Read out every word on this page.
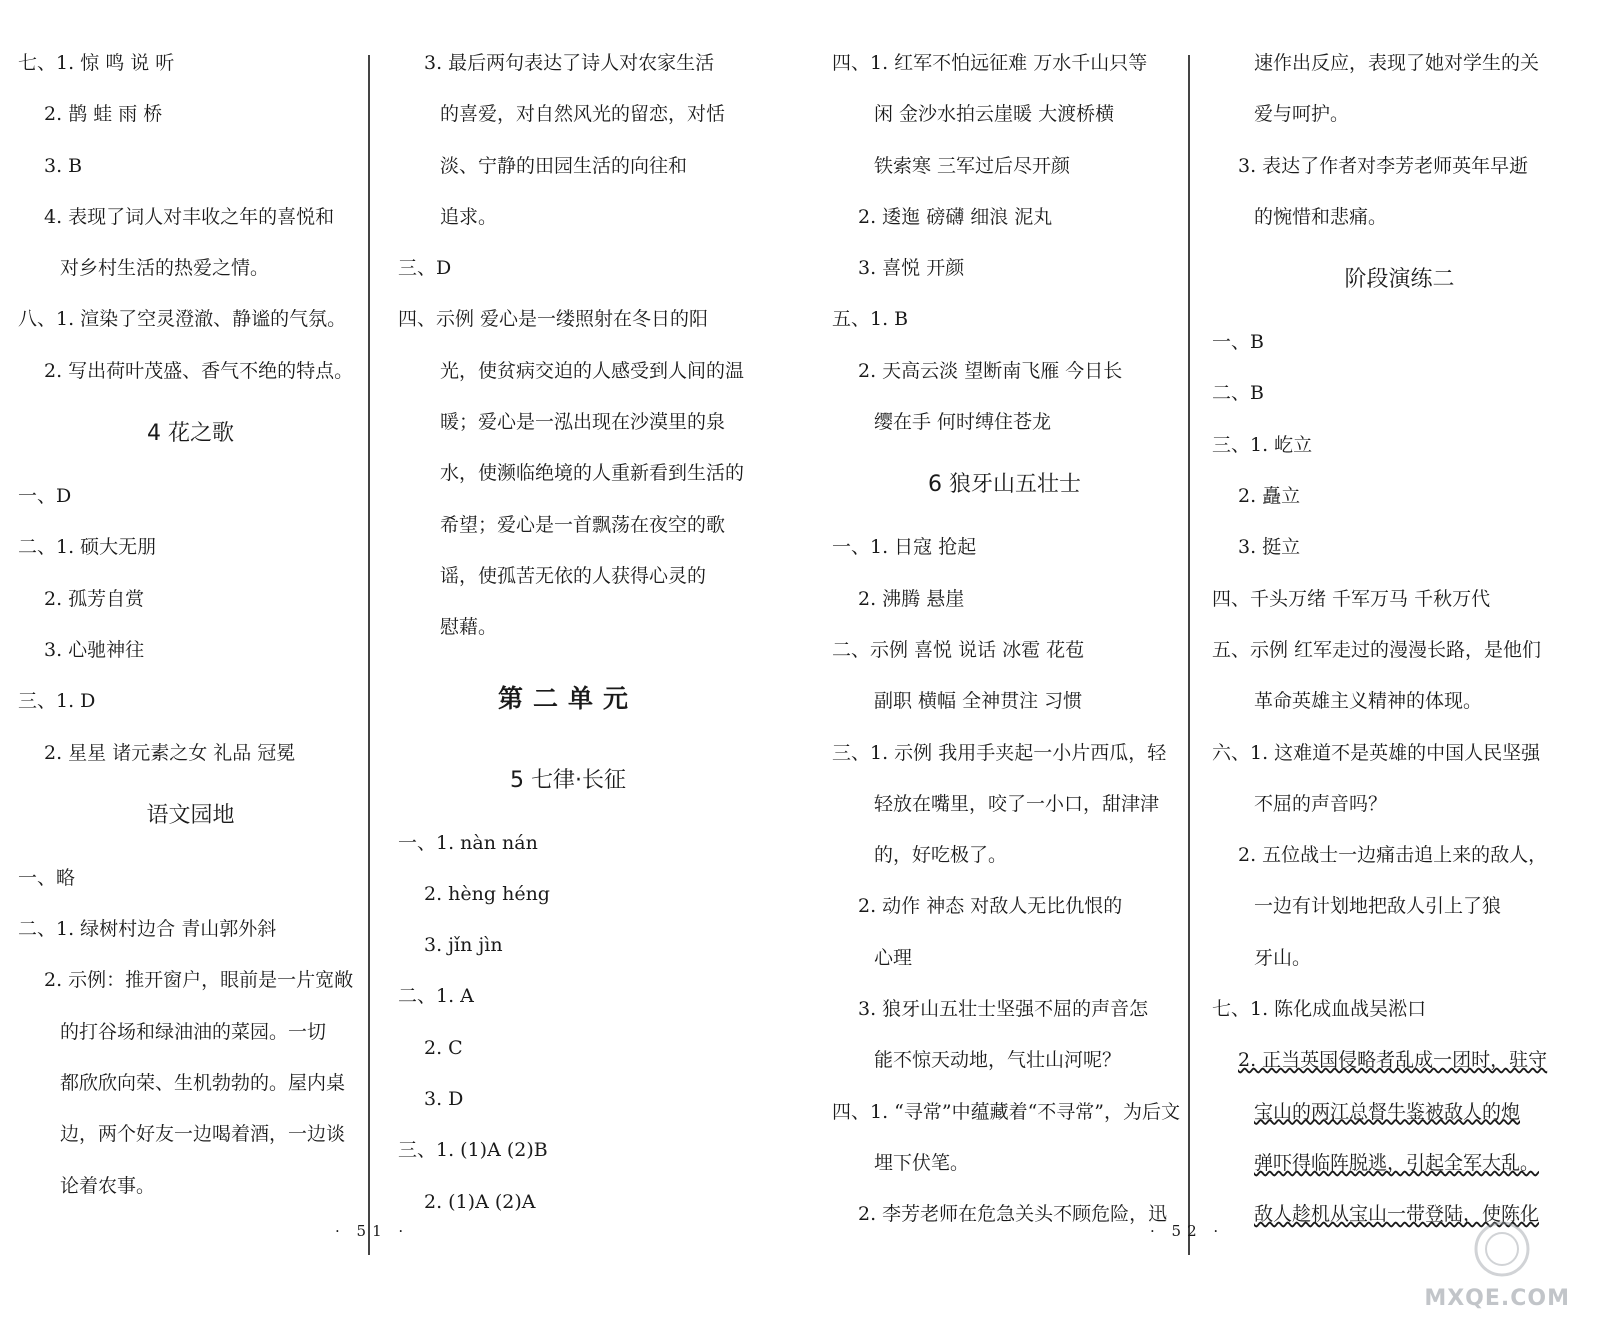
七、1. 惊 鸣 说 听
2. 鹊 蛙 雨 桥
3. B
4. 表现了词人对丰收之年的喜悦和
对乡村生活的热爱之情。
八、1. 渲染了空灵澄澈、静谧的气氛。
2. 写出荷叶茂盛、香气不绝的特点。
4 花之歌
一、D
二、1. 硕大无朋
2. 孤芳自赏
3. 心驰神往
三、1. D
2. 星星 诸元素之女 礼品 冠冕
语文园地
一、略
二、1. 绿树村边合 青山郭外斜
2. 示例：推开窗户，眼前是一片宽敞
的打谷场和绿油油的菜园。一切
都欣欣向荣、生机勃勃的。屋内桌
边，两个好友一边喝着酒，一边谈
论着农事。
3. 最后两句表达了诗人对农家生活
的喜爱，对自然风光的留恋，对恬
淡、宁静的田园生活的向往和
追求。
三、D
四、示例 爱心是一缕照射在冬日的阳
光，使贫病交迫的人感受到人间的温
暖；爱心是一泓出现在沙漠里的泉
水，使濒临绝境的人重新看到生活的
希望；爱心是一首飘荡在夜空的歌
谣，使孤苦无依的人获得心灵的
慰藉。
第二单元
5 七律·长征
一、1. nàn nán
2. hèng héng
3. jǐn jìn
二、1. A
2. C
3. D
三、1. (1)A (2)B
2. (1)A (2)A
四、1. 红军不怕远征难 万水千山只等
闲 金沙水拍云崖暖 大渡桥横
铁索寒 三军过后尽开颜
2. 逶迤 磅礴 细浪 泥丸
3. 喜悦 开颜
五、1. B
2. 天高云淡 望断南飞雁 今日长
缨在手 何时缚住苍龙
6 狼牙山五壮士
一、1. 日寇 抢起
2. 沸腾 悬崖
二、示例 喜悦 说话 冰雹 花苞
副职 横幅 全神贯注 习惯
三、1. 示例 我用手夹起一小片西瓜，轻
轻放在嘴里，咬了一小口，甜津津
的，好吃极了。
2. 动作 神态 对敌人无比仇恨的
心理
3. 狼牙山五壮士坚强不屈的声音怎
能不惊天动地，气壮山河呢？
四、1. “寻常”中蕴藏着“不寻常”，为后文
埋下伏笔。
2. 李芳老师在危急关头不顾危险，迅
速作出反应，表现了她对学生的关
爱与呵护。
3. 表达了作者对李芳老师英年早逝
的惋惜和悲痛。
阶段演练二
一、B
二、B
三、1. 屹立
2. 矗立
3. 挺立
四、千头万绪 千军万马 千秋万代
五、示例 红军走过的漫漫长路，是他们
革命英雄主义精神的体现。
六、1. 这难道不是英雄的中国人民坚强
不屈的声音吗？
2. 五位战士一边痛击追上来的敌人，
一边有计划地把敌人引上了狼
牙山。
七、1. 陈化成血战吴淞口
2. 正当英国侵略者乱成一团时，驻守
宝山的两江总督牛鉴被敌人的炮
弹吓得临阵脱逃，引起全军大乱。
敌人趁机从宝山一带登陆，使陈化
· 51 ·	· 52 ·
MXQE.COM
